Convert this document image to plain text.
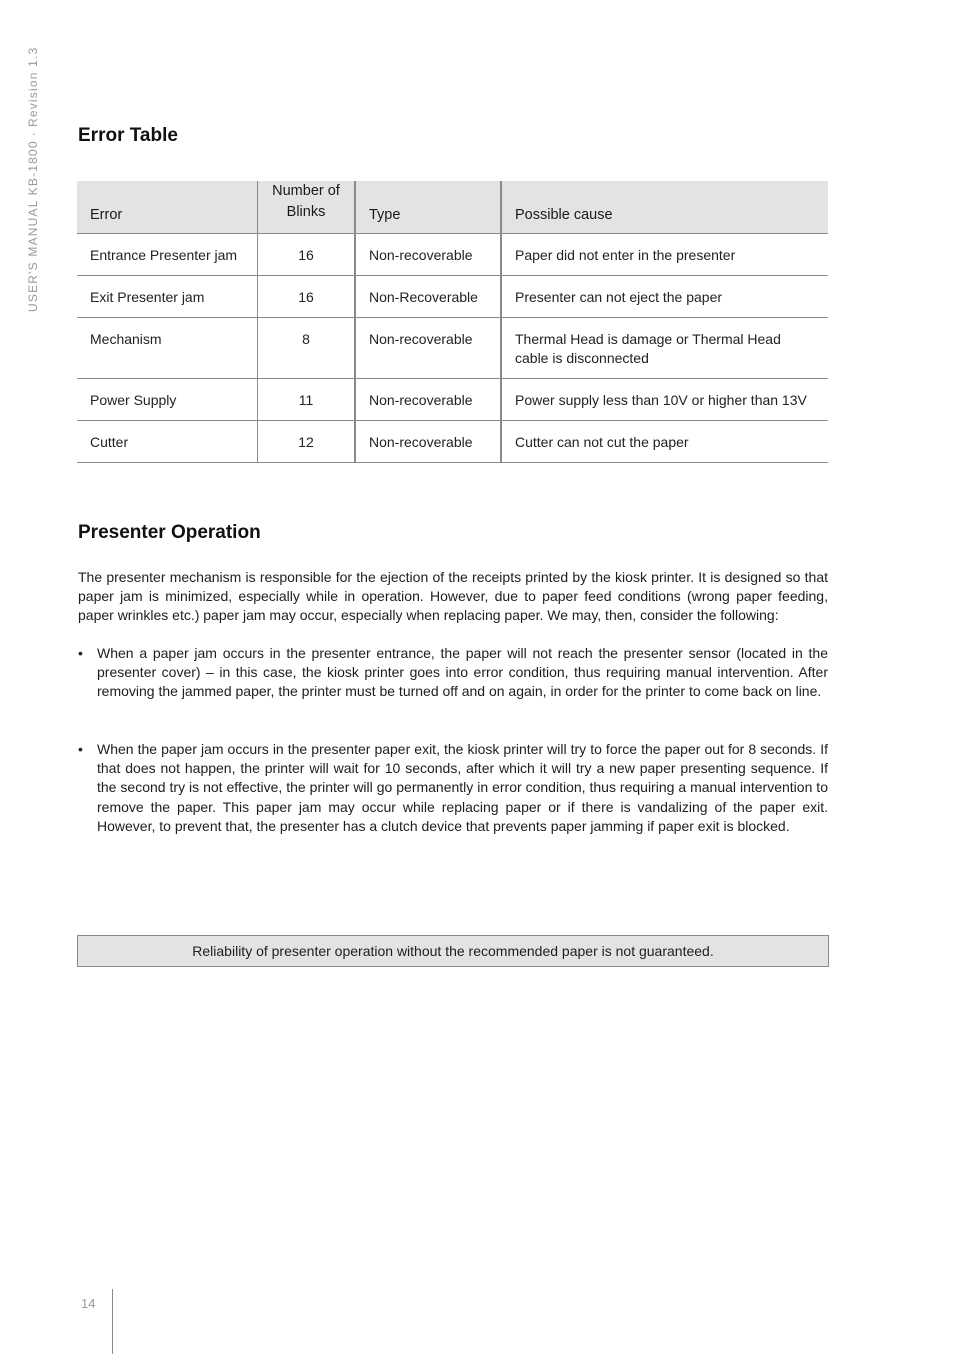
USER'S MANUAL KB-1800·Revision 1.3
Error Table
Error	Number of Blinks	Type	Possible cause
Entrance Presenter jam	16	Non-recoverable	Paper did not enter in the presenter
Exit Presenter jam	16	Non-Recoverable	Presenter can not eject the paper
Mechanism	8	Non-recoverable	Thermal Head is damage or Thermal Head cable is disconnected
Power Supply	11	Non-recoverable	Power supply less than 10V or higher than 13V
Cutter	12	Non-recoverable	Cutter can not cut the paper
Presenter Operation

The presenter mechanism is responsible for the ejection of the receipts printed by the kiosk printer. It is designed so that paper jam is minimized, especially while in operation. However, due to paper feed conditions (wrong paper feeding, paper wrinkles etc.) paper jam may occur, especially when replacing paper. We may, then, consider the following:

•	When a paper jam occurs in the presenter entrance, the paper will not reach the presenter sensor (located in the presenter cover) – in this case, the kiosk printer goes into error condition, thus requiring manual intervention. After removing the jammed paper, the printer must be turned off and on again, in order for the printer to come back on line.
•	When the paper jam occurs in the presenter paper exit, the kiosk printer will try to force the paper out for 8 seconds. If that does not happen, the printer will wait for 10 seconds, after which it will try a new paper presenting sequence. If the second try is not effective, the printer will go permanently in error condition, thus requiring a manual intervention to remove the paper. This paper jam may occur while replacing paper or if there is vandalizing of the paper exit. However, to prevent that, the presenter has a clutch device that prevents paper jamming if paper exit is blocked.
Reliability of presenter operation without the recommended paper is not guaranteed.
14
